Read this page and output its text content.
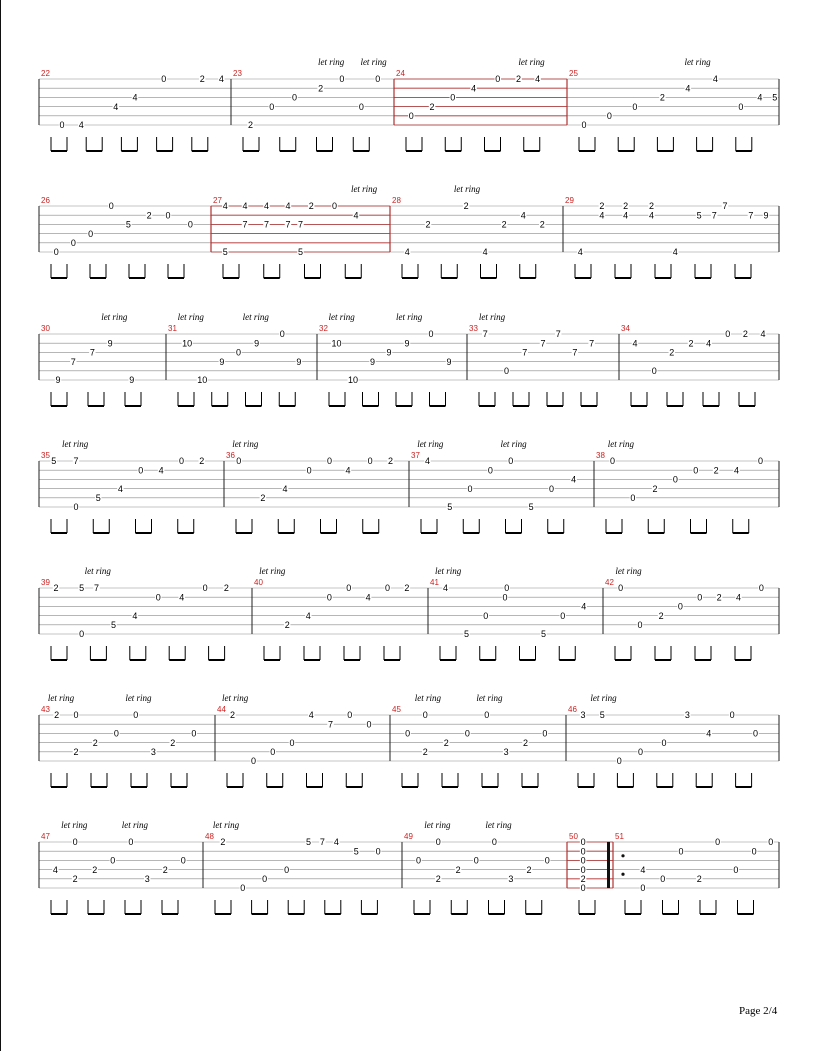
22
0 4
4
4
0	2 4
23
let ring let ring
2
0
0
2
0
0
0
24
let ring
0
2
0
4
0 2 4
25
let ring
0
0
0
2
4
4
0
4 5
26
0
0
0
5
0
2 0
0
27
let ring
4 4 4 4 2 0
7 7 7 7
4
5	5
28
let ring
4
2
2
4
2
4
2
29
4
2
4
2
4
2
4
4
5 7
7
7 9
30
let ring
9
7
7
9
9
31
let ring	let ring
10
10
9
0
9
0
9
32
let ring	let ring
10
10
9
9
9
0
9
33
let ring
7
0
7
7
7
7
7
34
4
0
2
2 4
0 2 4
35
let ring
5 7
0
5
4
0 4
0 2
36
let ring
0
2
4
0
0
4
0 2
37
let ring	let ring
4
5
0
0
0
5
0
4
38
let ring
0
0
2
0
0 2 4
0
39
let ring
2 5 7
0
5
4
0 4
0 2
40
let ring
2
4
0
0
4
0 2
41
let ring
4
5
0
0
0
5
0
4
42
let ring
0
0
2
0
0 2 4
0
43
let ring	let ring
2 0
2
2
0
0
3
2
0
44
let ring
2
0
0
0
4
7
0
0
45
let ring	let ring
0
0
2
2
0
0
3
2
0
46
let ring
3 5
0
0
0
3
4
0
0
47
let ring	let ring
4
0
2
2
0
0
3
2
0
48
let ring
2
0
0
0
5 7 4
5 0
49
let ring	let ring
0
0
2
2
0
0
3
2
0
50
0
0
0
0
2
0
51
4
0
0
0
2
0
0
0
0
Page 2/4
